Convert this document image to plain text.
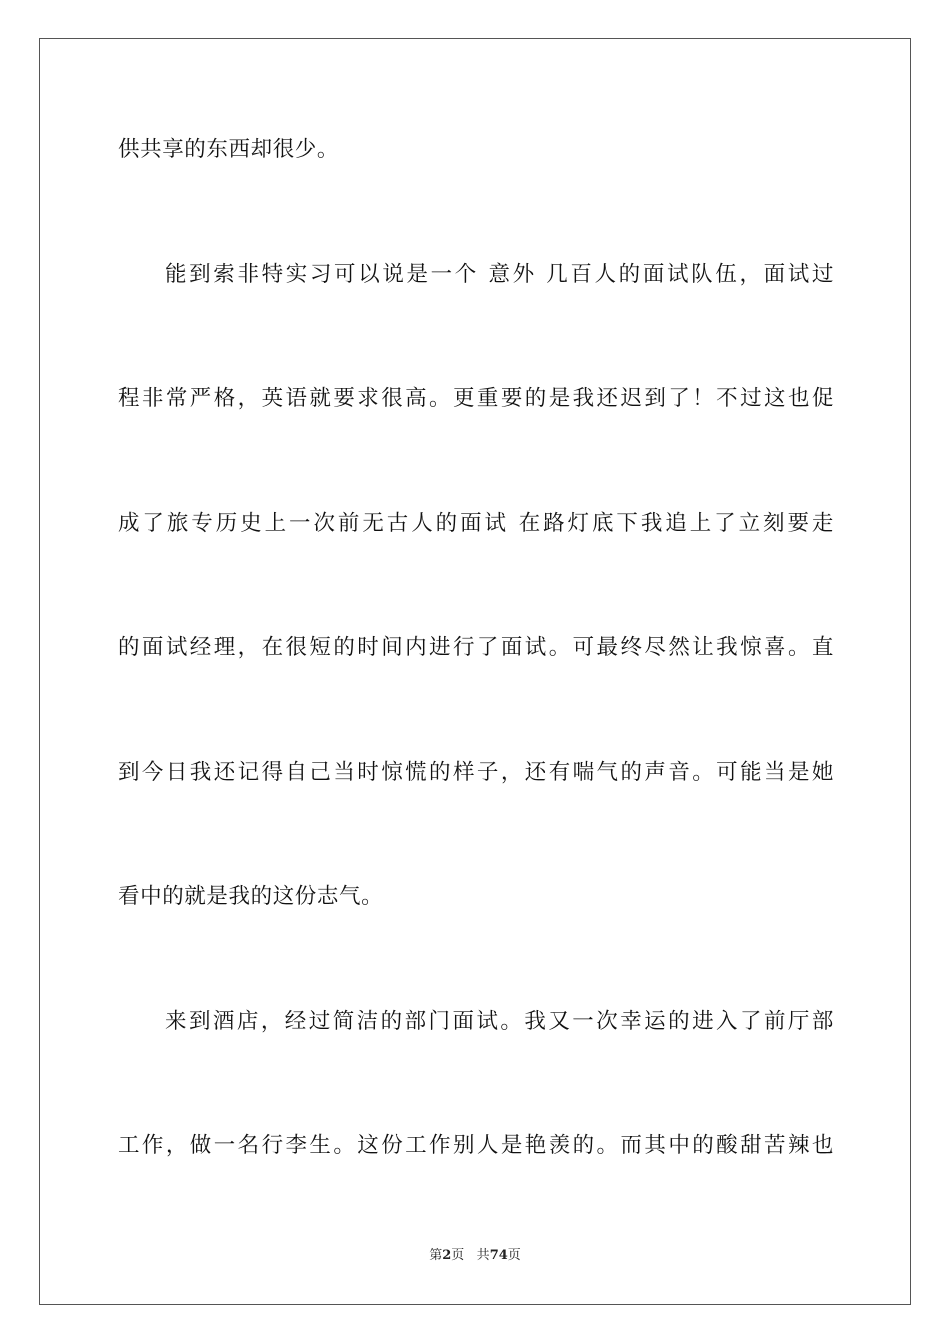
供共享的东西却很少。
能到索非特实习可以说是一个 意外 几百人的面试队伍，面试过
程非常严格，英语就要求很高。更重要的是我还迟到了！不过这也促
成了旅专历史上一次前无古人的面试 在路灯底下我追上了立刻要走
的面试经理，在很短的时间内进行了面试。可最终尽然让我惊喜。直
到今日我还记得自己当时惊慌的样子，还有喘气的声音。可能当是她
看中的就是我的这份志气。
来到酒店，经过简洁的部门面试。我又一次幸运的进入了前厅部
工作，做一名行李生。这份工作别人是艳羡的。而其中的酸甜苦辣也
第2页 共74页
